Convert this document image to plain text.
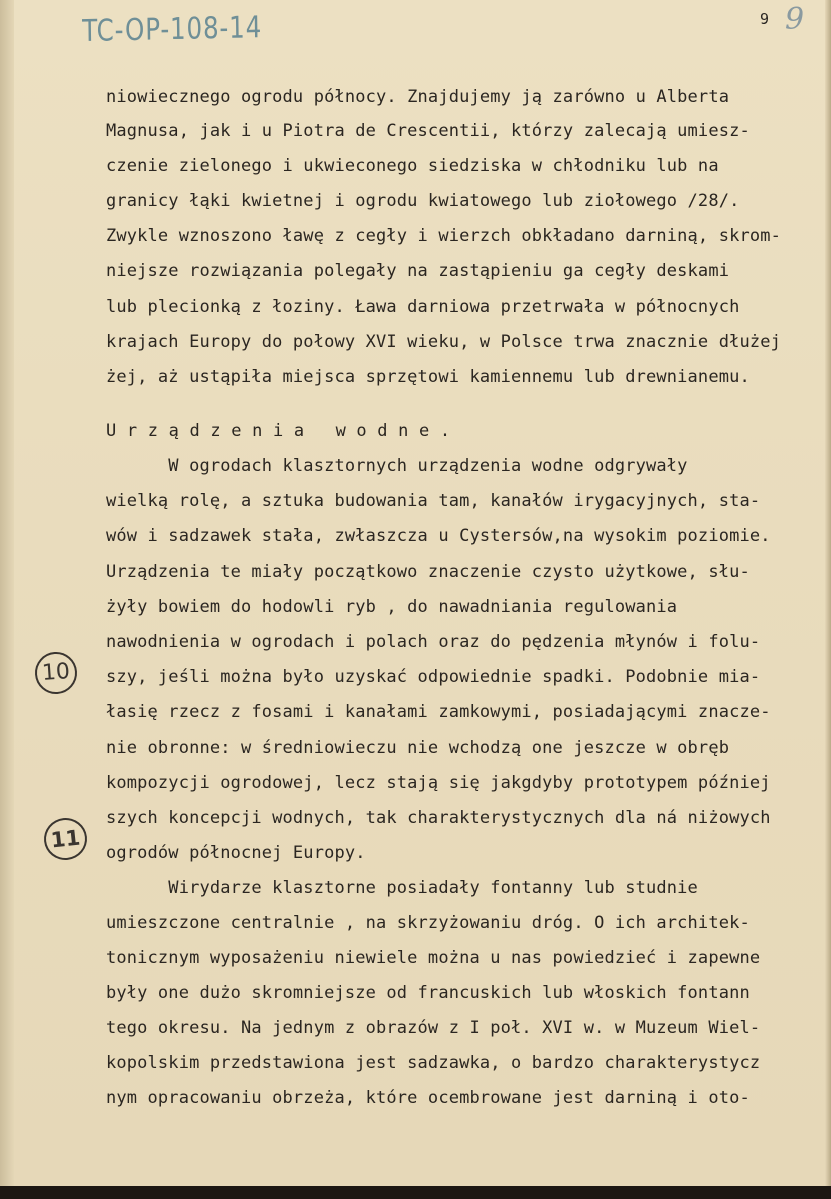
TC-OP-108-14	9 9

niowiecznego ogrodu północy. Znajdujemy ją zarówno u Alberta

Magnusa, jak i u Piotra de Crescentii, którzy zalecają umiesz-

czenie zielonego i ukwieconego siedziska w chłodniku lub na

granicy łąki kwietnej i ogrodu kwiatowego lub ziołowego /28/.

Zwykle wznoszono ławę z cegły i wierzch obkładano darniną, skrom-

niejsze rozwiązania polegały na zastąpieniu ga cegły deskami

lub plecionką z łoziny. Ława darniowa przetrwała w północnych

krajach Europy do połowy XVI wieku, w Polsce trwa znacznie dłużej

żej, aż ustąpiła miejsca sprzętowi kamiennemu lub drewnianemu.

U r z ą d z e n i a   w o d n e .

W ogrodach klasztornych urządzenia wodne odgrywały

wielką rolę, a sztuka budowania tam, kanałów irygacyjnych, sta-

wów i sadzawek stała, zwłaszcza u Cystersów,na wysokim poziomie.

Urządzenia te miały początkowo znaczenie czysto użytkowe, słu-

żyły bowiem do hodowli ryb , do nawadniania regulowania

nawodnienia w ogrodach i polach oraz do pędzenia młynów i folu-

szy, jeśli można było uzyskać odpowiednie spadki. Podobnie mia-

łasię rzecz z fosami i kanałami zamkowymi, posiadającymi znacze-

nie obronne: w średniowieczu nie wchodzą one jeszcze w obręb

kompozycji ogrodowej, lecz stają się jakgdyby prototypem później

szych koncepcji wodnych, tak charakterystycznych dla ná niżowych

ogrodów północnej Europy.

Wirydarze klasztorne posiadały fontanny lub studnie

umieszczone centralnie , na skrzyżowaniu dróg. O ich architek-

tonicznym wyposażeniu niewiele można u nas powiedzieć i zapewne

były one dużo skromniejsze od francuskich lub włoskich fontann

tego okresu. Na jednym z obrazów z I poł. XVI w. w Muzeum Wiel-

kopolskim przedstawiona jest sadzawka, o bardzo charakterystycz

nym opracowaniu obrzeża, które ocembrowane jest darniną i oto-

10
11
